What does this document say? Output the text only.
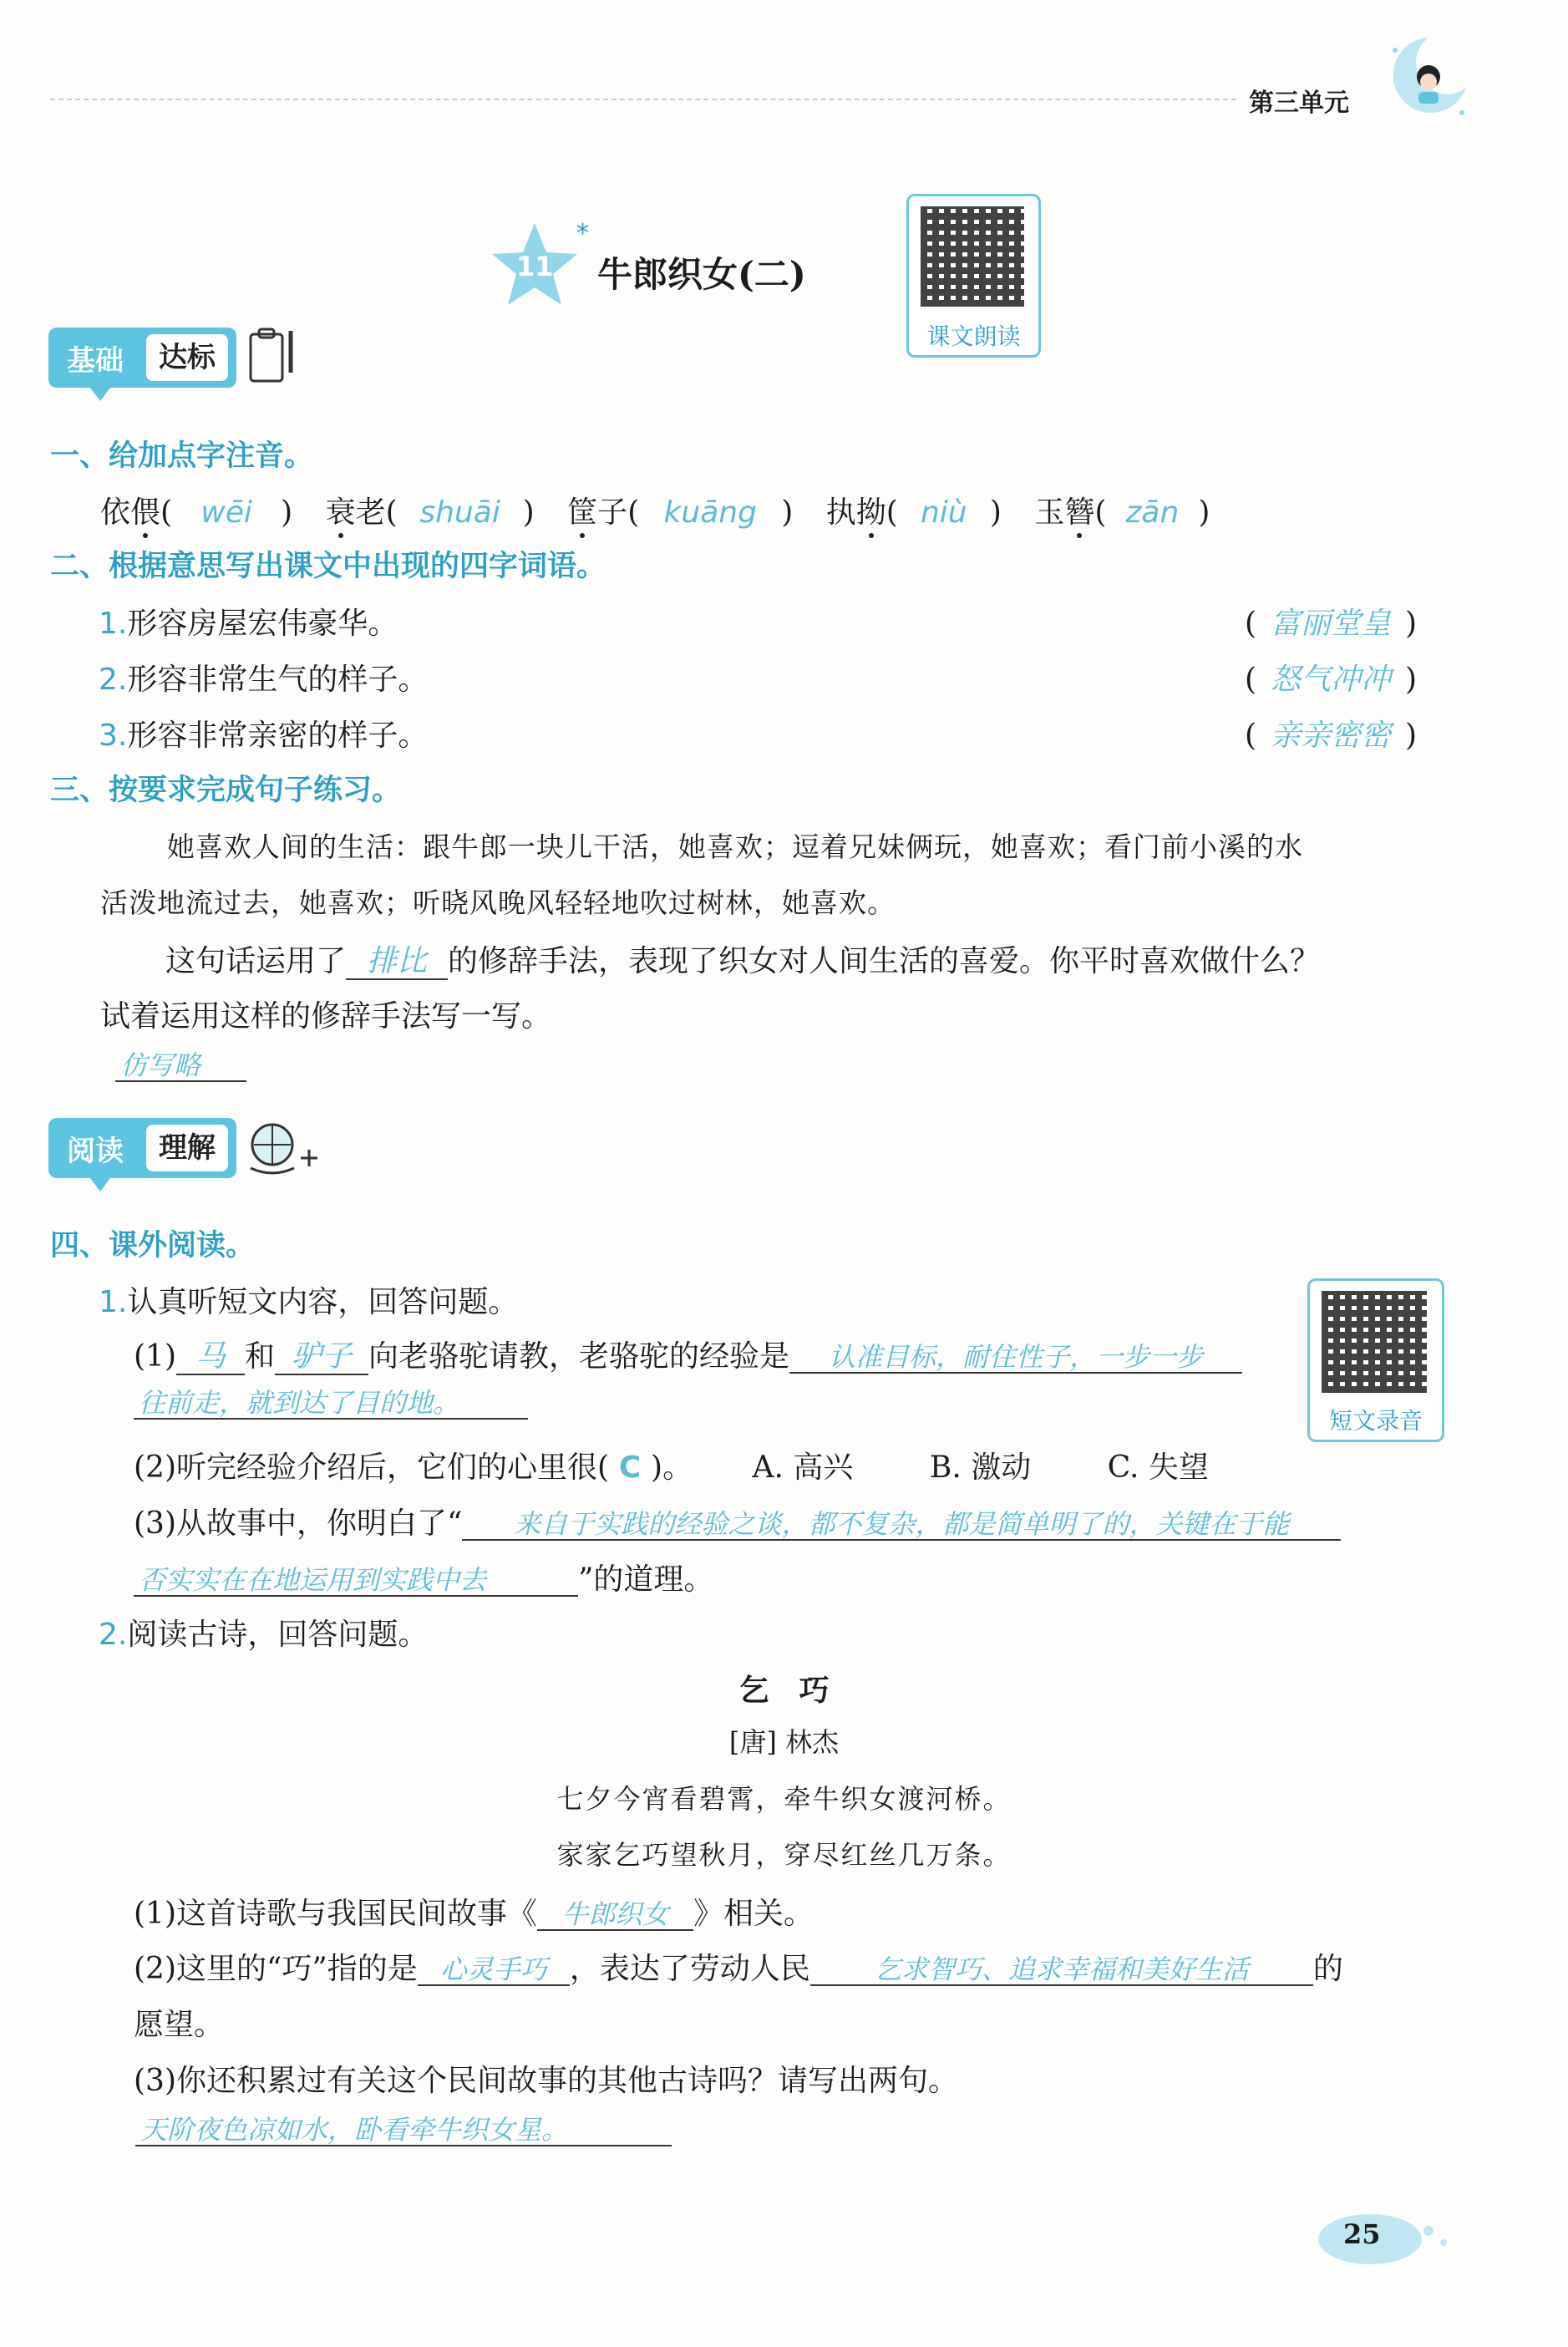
第三单元
11
*
牛郎织女(二)
课文朗读
基础	达标
一、给加点字注音。
依偎( wēi ) 衰老( shuāi ) 筐子( kuāng ) 执拗( niù ) 玉簪( zān )
二、根据意思写出课文中出现的四字词语。
1.形容房屋宏伟豪华。	( 富丽堂皇 )
2.形容非常生气的样子。	( 怒气冲冲 )
3.形容非常亲密的样子。	( 亲亲密密 )
三、按要求完成句子练习。
她喜欢人间的生活：跟牛郎一块儿干活，她喜欢；逗着兄妹俩玩，她喜欢；看门前小溪的水
活泼地流过去，她喜欢；听晓风晚风轻轻地吹过树林，她喜欢。
这句话运用了 排比 的修辞手法，表现了织女对人间生活的喜爱。你平时喜欢做什么？
试着运用这样的修辞手法写一写。
仿写略
阅读	理解
四、课外阅读。
短文录音
1.认真听短文内容，回答问题。
(1) 马 和 驴子 向老骆驼请教，老骆驼的经验是 认准目标，耐住性子，一步一步
往前走，就到达了目的地。
(2)听完经验介绍后，它们的心里很( C )。 A. 高兴	B. 激动	C. 失望
(3)从故事中，你明白了“ 来自于实践的经验之谈，都不复杂，都是简单明了的，关键在于能
否实实在在地运用到实践中去	”的道理。
2.阅读古诗，回答问题。
乞　巧
[唐] 林杰
七夕今宵看碧霄，牵牛织女渡河桥。
家家乞巧望秋月，穿尽红丝几万条。
(1)这首诗歌与我国民间故事《 牛郎织女 》相关。
(2)这里的“巧”指的是 心灵手巧 ，表达了劳动人民 乞求智巧、追求幸福和美好生活 的
愿望。
(3)你还积累过有关这个民间故事的其他古诗吗？请写出两句。
天阶夜色凉如水，卧看牵牛织女星。
25
